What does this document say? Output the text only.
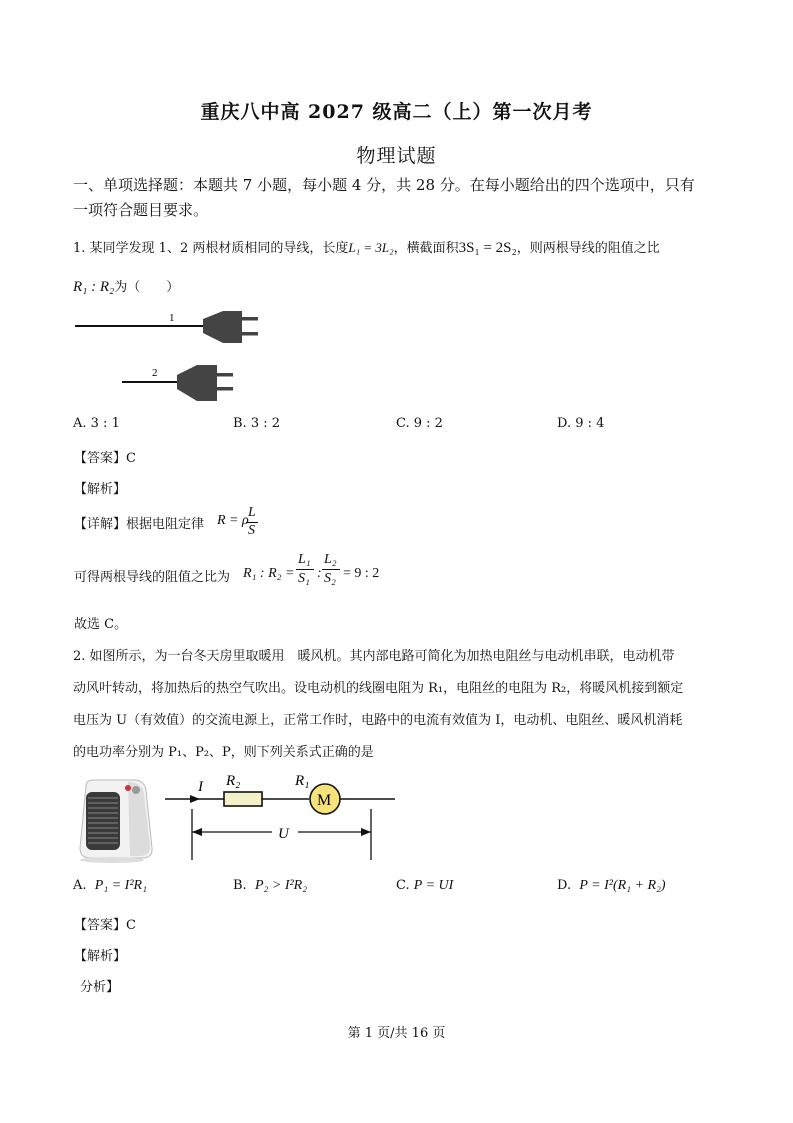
重庆八中高 2027 级高二（上）第一次月考
物理试题
一、单项选择题：本题共 7 小题，每小题 4 分，共 28 分。在每小题给出的四个选项中，只有
一项符合题目要求。
1. 某同学发现 1、2 两根材质相同的导线，长度L₁ = 3L₂，横截面积3S₁ = 2S₂，则两根导线的阻值之比
R₁ : R₂为（　　）
1
2
A. 3 : 1	B. 3 : 2	C. 9 : 2	D. 9 : 4
【答案】C
【解析】
【详解】根据电阻定律 R = ρ
L
S
可得两根导线的阻值之比为 R₁ : R₂ =
L₁
S₁ :
L₂
S₂ = 9 : 2
故选 C。
2. 如图所示，为一台冬天房里取暖用　暖风机。其内部电路可简化为加热电阻丝与电动机串联，电动机带
动风叶转动，将加热后的热空气吹出。设电动机的线圈电阻为 R₁，电阻丝的电阻为 R₂，将暖风机接到额定
电压为 U（有效值）的交流电源上，正常工作时，电路中的电流有效值为 I，电动机、电阻丝、暖风机消耗
的电功率分别为 P₁、P₂、P，则下列关系式正确的是
I R₂	R₁
M
U
A. P₁ = I²R₁	B. P₂ > I²R₂	C. P = UI	D. P = I²(R₁ + R₂)
【答案】C
【解析】
分析】
第 1 页/共 16 页
